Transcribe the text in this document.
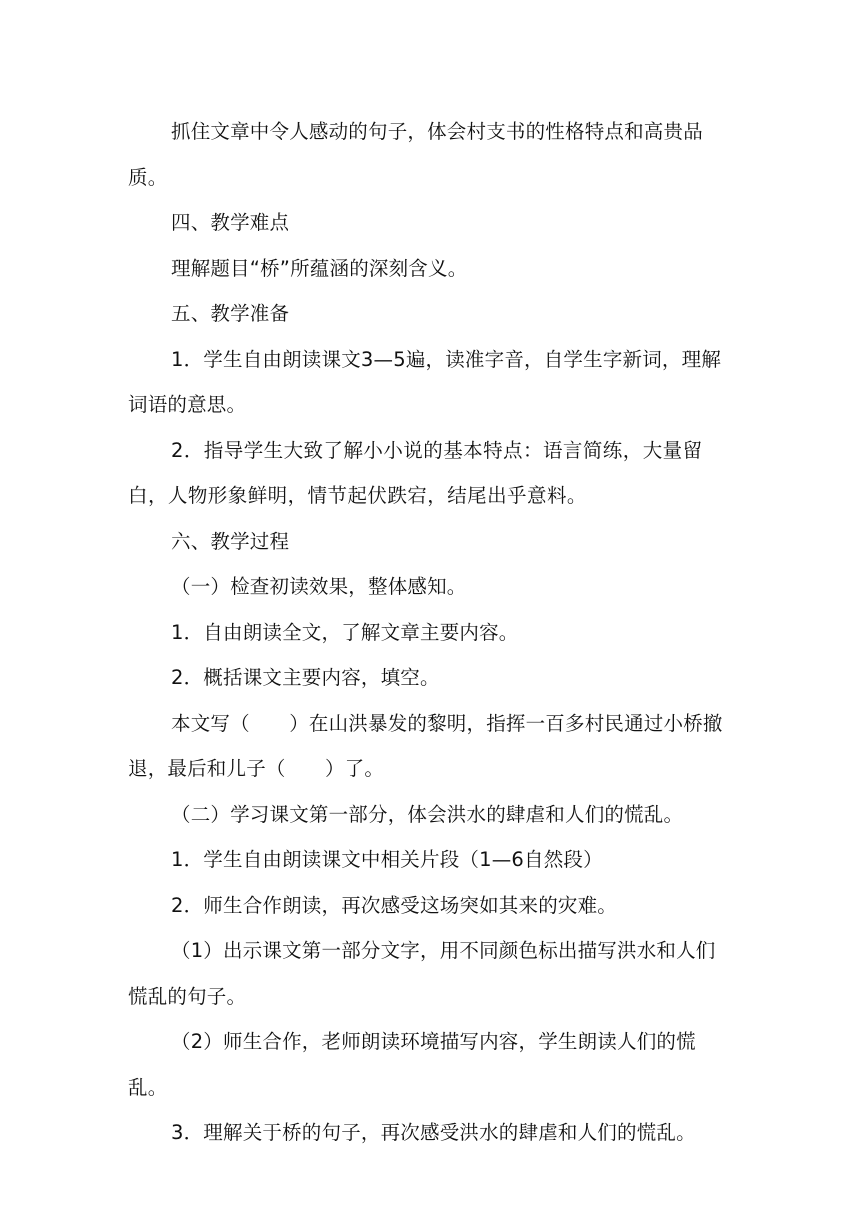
抓住文章中令人感动的句子，体会村支书的性格特点和高贵品质。

四、教学难点

理解题目“桥”所蕴涵的深刻含义。

五、教学准备

1．学生自由朗读课文3—5遍，读准字音，自学生字新词，理解词语的意思。

2．指导学生大致了解小小说的基本特点：语言简练，大量留白，人物形象鲜明，情节起伏跌宕，结尾出乎意料。

六、教学过程

（一）检查初读效果，整体感知。

1．自由朗读全文，了解文章主要内容。

2．概括课文主要内容，填空。

本文写（　　）在山洪暴发的黎明，指挥一百多村民通过小桥撤退，最后和儿子（　　）了。

（二）学习课文第一部分，体会洪水的肆虐和人们的慌乱。

1．学生自由朗读课文中相关片段（1—6自然段）

2．师生合作朗读，再次感受这场突如其来的灾难。

（1）出示课文第一部分文字，用不同颜色标出描写洪水和人们慌乱的句子。

（2）师生合作，老师朗读环境描写内容，学生朗读人们的慌乱。

3．理解关于桥的句子，再次感受洪水的肆虐和人们的慌乱。
